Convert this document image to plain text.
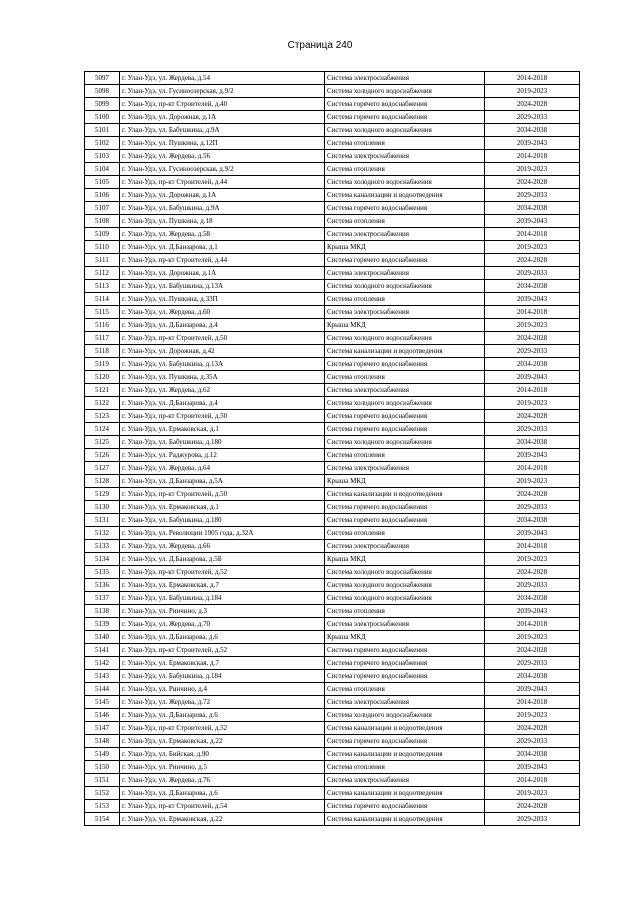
Страница 240
5097	г. Улан-Удэ, ул. Жердева, д.54	Система электроснабжения	2014-2018
5098	г. Улан-Удэ, ул. Гусиноозерская, д.9/2	Система холодного водоснабжения	2019-2023
5099	г. Улан-Удэ, пр-кт Строителей, д.40	Система горячего водоснабжения	2024-2028
5100	г. Улан-Удэ, ул. Дорожная, д.1А	Система горячего водоснабжения	2029-2033
5101	г. Улан-Удэ, ул. Бабушкина, д.9А	Система холодного водоснабжения	2034-2038
5102	г. Улан-Удэ, ул. Пушкина, д.12П	Система отопления	2039-2043
5103	г. Улан-Удэ, ул. Жердева, д.56	Система электроснабжения	2014-2018
5104	г. Улан-Удэ, ул. Гусиноозерская, д.9/2	Система отопления	2019-2023
5105	г. Улан-Удэ, пр-кт Строителей, д.44	Система холодного водоснабжения	2024-2028
5106	г. Улан-Удэ, ул. Дорожная, д.1А	Система канализации и водоотведения	2029-2033
5107	г. Улан-Удэ, ул. Бабушкина, д.9А	Система горячего водоснабжения	2034-2038
5108	г. Улан-Удэ, ул. Пушкина, д.18	Система отопления	2039-2043
5109	г. Улан-Удэ, ул. Жердева, д.58	Система электроснабжения	2014-2018
5110	г. Улан-Удэ, ул. Д.Банзарова, д.1	Крыша МКД	2019-2023
5111	г. Улан-Удэ, пр-кт Строителей, д.44	Система горячего водоснабжения	2024-2028
5112	г. Улан-Удэ, ул. Дорожная, д.1А	Система электроснабжения	2029-2033
5113	г. Улан-Удэ, ул. Бабушкина, д.13А	Система холодного водоснабжения	2034-2038
5114	г. Улан-Удэ, ул. Пушкина, д.33П	Система отопления	2039-2043
5115	г. Улан-Удэ, ул. Жердева, д.60	Система электроснабжения	2014-2018
5116	г. Улан-Удэ, ул. Д.Банзарова, д.4	Крыша МКД	2019-2023
5117	г. Улан-Удэ, пр-кт Строителей, д.50	Система холодного водоснабжения	2024-2028
5118	г. Улан-Удэ, ул. Дорожная, д.42	Система канализации и водоотведения	2029-2033
5119	г. Улан-Удэ, ул. Бабушкина, д.13А	Система горячего водоснабжения	2034-2038
5120	г. Улан-Удэ, ул. Пушкина, д.35А	Система отопления	2039-2043
5121	г. Улан-Удэ, ул. Жердева, д.62	Система электроснабжения	2014-2018
5122	г. Улан-Удэ, ул. Д.Банзарова, д.4	Система холодного водоснабжения	2019-2023
5123	г. Улан-Удэ, пр-кт Строителей, д.50	Система горячего водоснабжения	2024-2028
5124	г. Улан-Удэ, ул. Ермаковская, д.1	Система горячего водоснабжения	2029-2033
5125	г. Улан-Удэ, ул. Бабушкина, д.180	Система холодного водоснабжения	2034-2038
5126	г. Улан-Удэ, ул. Раджурова, д.12	Система отопления	2039-2043
5127	г. Улан-Удэ, ул. Жердева, д.64	Система электроснабжения	2014-2018
5128	г. Улан-Удэ, ул. Д.Банзарова, д.5А	Крыша МКД	2019-2023
5129	г. Улан-Удэ, пр-кт Строителей, д.50	Система канализации и водоотведения	2024-2028
5130	г. Улан-Удэ, ул. Ермаковская, д.1	Система горячего водоснабжения	2029-2033
5131	г. Улан-Удэ, ул. Бабушкина, д.180	Система горячего водоснабжения	2034-2038
5132	г. Улан-Удэ, ул. Революции 1905 года, д.32А	Система отопления	2039-2043
5133	г. Улан-Удэ, ул. Жердева, д.66	Система электроснабжения	2014-2018
5134	г. Улан-Удэ, ул. Д.Банзарова, д.5Б	Крыша МКД	2019-2023
5135	г. Улан-Удэ, пр-кт Строителей, д.52	Система холодного водоснабжения	2024-2028
5136	г. Улан-Удэ, ул. Ермаковская, д.7	Система холодного водоснабжения	2029-2033
5137	г. Улан-Удэ, ул. Бабушкина, д.184	Система холодного водоснабжения	2034-2038
5138	г. Улан-Удэ, ул. Ринчино, д.3	Система отопления	2039-2043
5139	г. Улан-Удэ, ул. Жердева, д.70	Система электроснабжения	2014-2018
5140	г. Улан-Удэ, ул. Д.Банзарова, д.6	Крыша МКД	2019-2023
5141	г. Улан-Удэ, пр-кт Строителей, д.52	Система горячего водоснабжения	2024-2028
5142	г. Улан-Удэ, ул. Ермаковская, д.7	Система горячего водоснабжения	2029-2033
5143	г. Улан-Удэ, ул. Бабушкина, д.184	Система горячего водоснабжения	2034-2038
5144	г. Улан-Удэ, ул. Ринчино, д.4	Система отопления	2039-2043
5145	г. Улан-Удэ, ул. Жердева, д.72	Система электроснабжения	2014-2018
5146	г. Улан-Удэ, ул. Д.Банзарова, д.6	Система холодного водоснабжения	2019-2023
5147	г. Улан-Удэ, пр-кт Строителей, д.52	Система канализации и водоотведения	2024-2028
5148	г. Улан-Удэ, ул. Ермаковская, д.22	Система горячего водоснабжения	2029-2033
5149	г. Улан-Удэ, ул. Бийская, д.90	Система канализации и водоотведения	2034-2038
5150	г. Улан-Удэ, ул. Ринчино, д.5	Система отопления	2039-2043
5151	г. Улан-Удэ, ул. Жердева, д.76	Система электроснабжения	2014-2018
5152	г. Улан-Удэ, ул. Д.Банзарова, д.6	Система канализации и водоотведения	2019-2023
5153	г. Улан-Удэ, пр-кт Строителей, д.54	Система горячего водоснабжения	2024-2028
5154	г. Улан-Удэ, ул. Ермаковская, д.22	Система канализации и водоотведения	2029-2033
